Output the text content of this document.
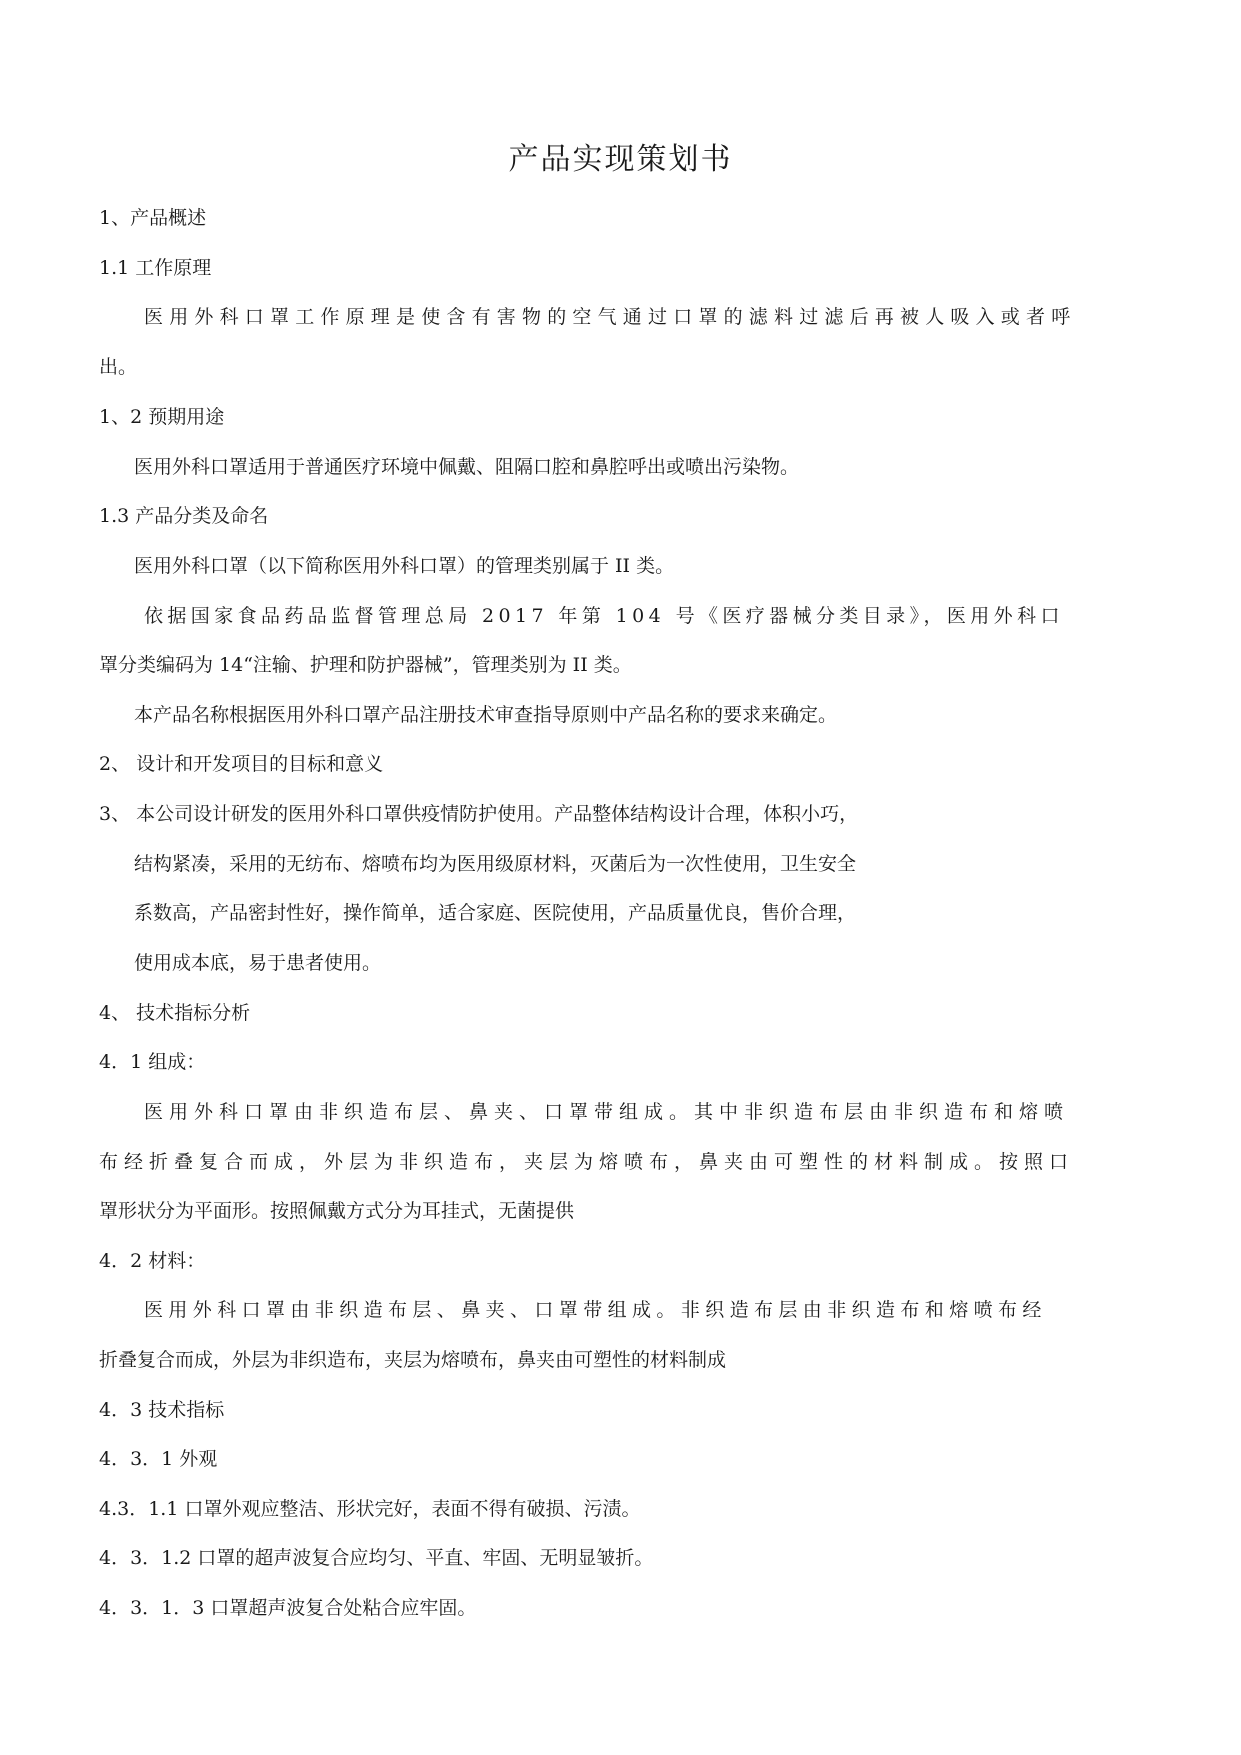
产品实现策划书
1、产品概述
1.1 工作原理
医用外科口罩工作原理是使含有害物的空气通过口罩的滤料过滤后再被人吸入或者呼
出。
1、2 预期用途
医用外科口罩适用于普通医疗环境中佩戴、阻隔口腔和鼻腔呼出或喷出污染物。
1.3 产品分类及命名
医用外科口罩（以下简称医用外科口罩）的管理类别属于 II 类。
依据国家食品药品监督管理总局 2017 年第 104 号《医疗器械分类目录》，医用外科口
罩分类编码为 14“注输、护理和防护器械”，管理类别为 II 类。
本产品名称根据医用外科口罩产品注册技术审查指导原则中产品名称的要求来确定。
2、 设计和开发项目的目标和意义
3、 本公司设计研发的医用外科口罩供疫情防护使用。产品整体结构设计合理，体积小巧，
结构紧凑，采用的无纺布、熔喷布均为医用级原材料，灭菌后为一次性使用，卫生安全
系数高，产品密封性好，操作简单，适合家庭、医院使用，产品质量优良，售价合理，
使用成本底，易于患者使用。
4、 技术指标分析
4．1 组成：
医用外科口罩由非织造布层、鼻夹、口罩带组成。其中非织造布层由非织造布和熔喷
布经折叠复合而成，外层为非织造布，夹层为熔喷布，鼻夹由可塑性的材料制成。按照口
罩形状分为平面形。按照佩戴方式分为耳挂式，无菌提供
4．2 材料：
医用外科口罩由非织造布层、鼻夹、口罩带组成。非织造布层由非织造布和熔喷布经
折叠复合而成，外层为非织造布，夹层为熔喷布，鼻夹由可塑性的材料制成
4．3 技术指标
4．3．1 外观
4.3．1.1 口罩外观应整洁、形状完好，表面不得有破损、污渍。
4．3．1.2 口罩的超声波复合应均匀、平直、牢固、无明显皱折。
4．3．1．3 口罩超声波复合处粘合应牢固。
